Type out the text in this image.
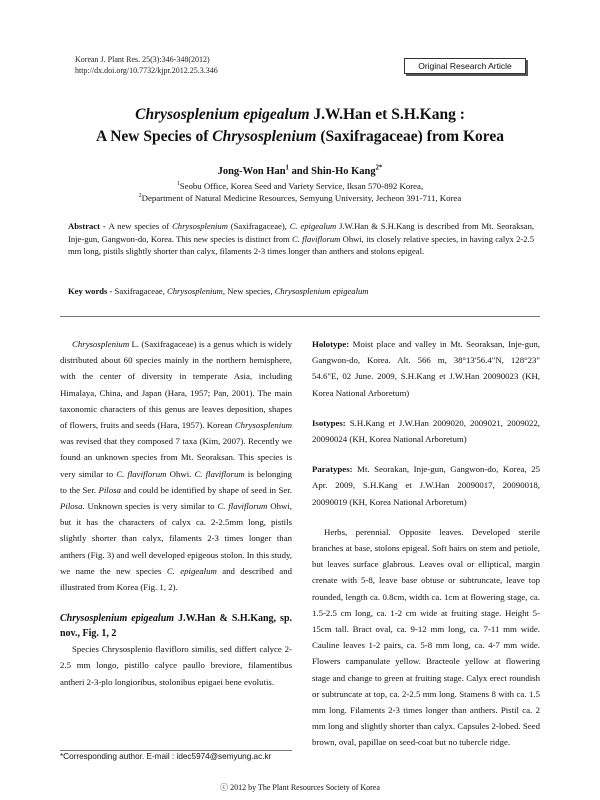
Korean J. Plant Res. 25(3):346-348(2012)
http://dx.doi.org/10.7732/kjpr.2012.25.3.346	Original Research Article
Chrysosplenium epigealum J.W.Han et S.H.Kang :
A New Species of Chrysosplenium (Saxifragaceae) from Korea
Jong-Won Han$^1$ and Shin-Ho Kang$^{2*}$
$^1$Seobu Office, Korea Seed and Variety Service, Iksan 570-892 Korea,
$^2$Department of Natural Medicine Resources, Semyung University, Jecheon 391-711, Korea
Abstract - A new species of Chrysosplenium (Saxifragaceae), C. epigealum J.W.Han & S.H.Kang is described from Mt. Seoraksan, Inje-gun, Gangwon-do, Korea. This new species is distinct from C. flaviflorum Ohwi, its closely relative species, in having calyx 2-2.5 mm long, pistils slightly shorter than calyx, filaments 2-3 times longer than anthers and stolons epigeal.
Key words - Saxifragaceae, Chrysosplenium, New species, Chrysosplenium epigealum

Chrysosplenium L. (Saxifragaceae) is a genus which is widely distributed about 60 species mainly in the northern hemisphere, with the center of diversity in temperate Asia, including Himalaya, China, and Japan (Hara, 1957; Pan, 2001). The main taxonomic characters of this genus are leaves deposition, shapes of flowers, fruits and seeds (Hara, 1957). Korean Chrysosplenium was revised that they composed 7 taxa (Kim, 2007). Recently we found an unknown species from Mt. Seoraksan. This species is very similar to C. flaviflorum Ohwi. C. flaviflorum is belonging to the Ser. Pilosa and could be identified by shape of seed in Ser. Pilosa. Unknown species is very similar to C. flaviflorum Ohwi, but it has the characters of calyx ca. 2-2.5mm long, pistils slightly shorter than calyx, filaments 2-3 times longer than anthers (Fig. 3) and well developed epigeous stolon. In this study, we name the new species C. epigealum and described and illustrated from Korea (Fig. 1, 2).

Chrysosplenium epigealum J.W.Han & S.H.Kang, sp. nov., Fig. 1, 2

Species Chrysosplenio flavifloro similis, sed differt calyce 2-2.5 mm longo, pistillo calyce paullo breviore, filamentibus antheri 2-3-plo longioribus, stolonibus epigaei bene evolutis.

Holotype: Moist place and valley in Mt. Seoraksan, Inje-gun, Gangwon-do, Korea. Alt. 566 m, 38°13'56.4"N, 128°23" 54.6"E, 02 June. 2009, S.H.Kang et J.W.Han 20090023 (KH, Korea National Arboretum)

Isotypes: S.H.Kang et J.W.Han 2009020, 2009021, 2009022, 20090024 (KH, Korea National Arboretum)

Paratypes: Mt. Seorakan, Inje-gun, Gangwon-do, Korea, 25 Apr. 2009, S.H.Kang et J.W.Han 20090017, 20090018, 20090019 (KH, Korea National Arboretum)

Herbs, perennial. Opposite leaves. Developed sterile branches at base, stolons epigeal. Soft hairs on stem and petiole, but leaves surface glabrous. Leaves oval or elliptical, margin crenate with 5-8, leave base obtuse or subtruncate, leave top rounded, length ca. 0.8cm, width ca. 1cm at flowering stage, ca. 1.5-2.5 cm long, ca. 1-2 cm wide at fruiting stage. Height 5-15cm tall. Bract oval, ca. 9-12 mm long, ca. 7-11 mm wide. Cauline leaves 1-2 pairs, ca. 5-8 mm long, ca. 4-7 mm wide. Flowers campanulate yellow. Bracteole yellow at flowering stage and change to green at fruiting stage. Calyx erect roundish or subtruncate at top, ca. 2-2.5 mm long. Stamens 8 with ca. 1.5 mm long. Filaments 2-3 times longer than anthers. Pistil ca. 2 mm long and slightly shorter than calyx. Capsules 2-lobed. Seed brown, oval, papillae on seed-coat but no tubercle ridge.

*Corresponding author. E-mail : idec5974@semyung.ac.kr
ⓒ 2012 by The Plant Resources Society of Korea
